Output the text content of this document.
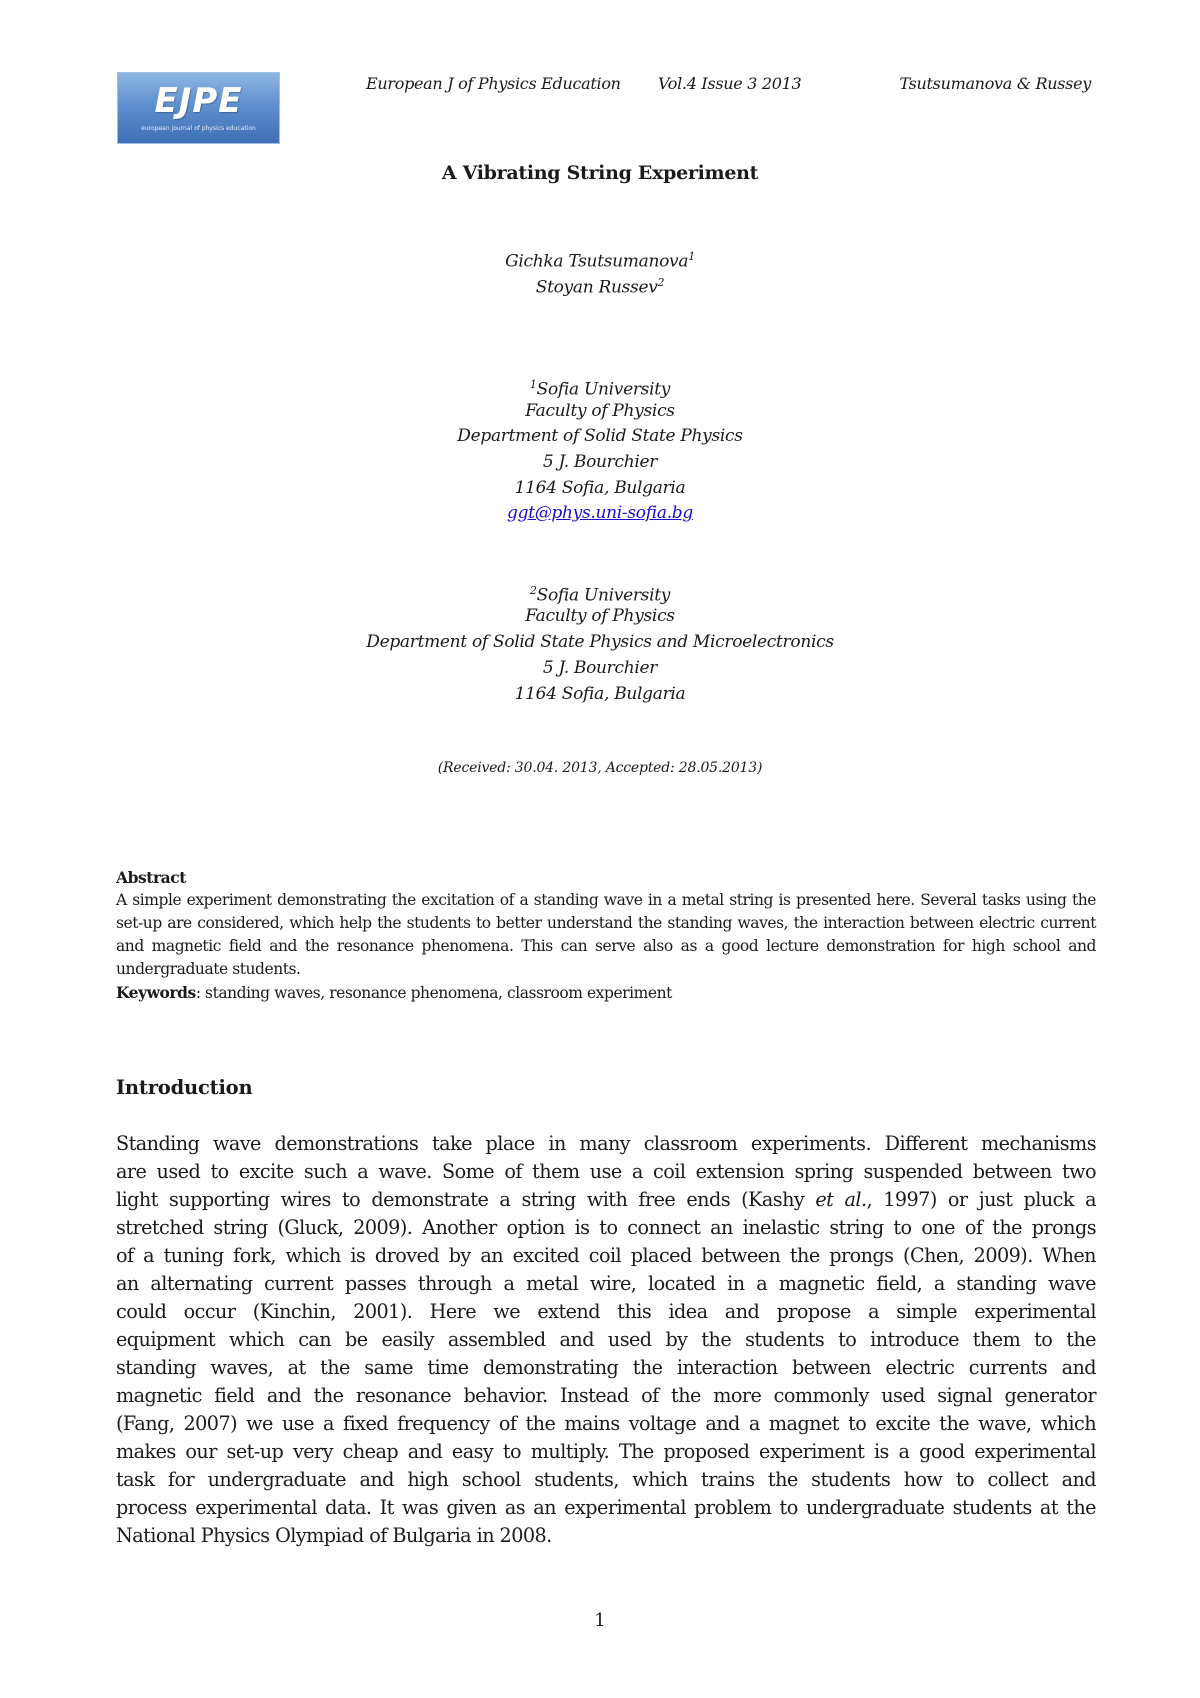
EJPE
european journal of physics education
European J of Physics Education Vol.4 Issue 3 2013	Tsutsumanova & Russey
A Vibrating String Experiment
Gichka Tsutsumanova$^1$
Stoyan Russev$^2$
$^1$Sofia University
Faculty of Physics
Department of Solid State Physics
5 J. Bourchier
1164 Sofia, Bulgaria
ggt@phys.uni-sofia.bg
$^2$Sofia University
Faculty of Physics
Department of Solid State Physics and Microelectronics
5 J. Bourchier
1164 Sofia, Bulgaria
(Received: 30.04. 2013, Accepted: 28.05.2013)
Abstract
A simple experiment demonstrating the excitation of a standing wave in a metal string is presented here. Several tasks using the set-up are considered, which help the students to better understand the standing waves, the interaction between electric current and magnetic field and the resonance phenomena. This can serve also as a good lecture demonstration for high school and undergraduate students.
Keywords: standing waves, resonance phenomena, classroom experiment
Introduction
Standing wave demonstrations take place in many classroom experiments. Different mechanisms
are used to excite such a wave. Some of them use a coil extension spring suspended between two
light supporting wires to demonstrate a string with free ends (Kashy et al., 1997) or just pluck a
stretched string (Gluck, 2009). Another option is to connect an inelastic string to one of the prongs
of a tuning fork, which is droved by an excited coil placed between the prongs (Chen, 2009). When
an alternating current passes through a metal wire, located in a magnetic field, a standing wave
could occur (Kinchin, 2001). Here we extend this idea and propose a simple experimental
equipment which can be easily assembled and used by the students to introduce them to the
standing waves, at the same time demonstrating the interaction between electric currents and
magnetic field and the resonance behavior. Instead of the more commonly used signal generator
(Fang, 2007) we use a fixed frequency of the mains voltage and a magnet to excite the wave, which
makes our set-up very cheap and easy to multiply. The proposed experiment is a good experimental
task for undergraduate and high school students, which trains the students how to collect and
process experimental data. It was given as an experimental problem to undergraduate students at the
National Physics Olympiad of Bulgaria in 2008.
1
